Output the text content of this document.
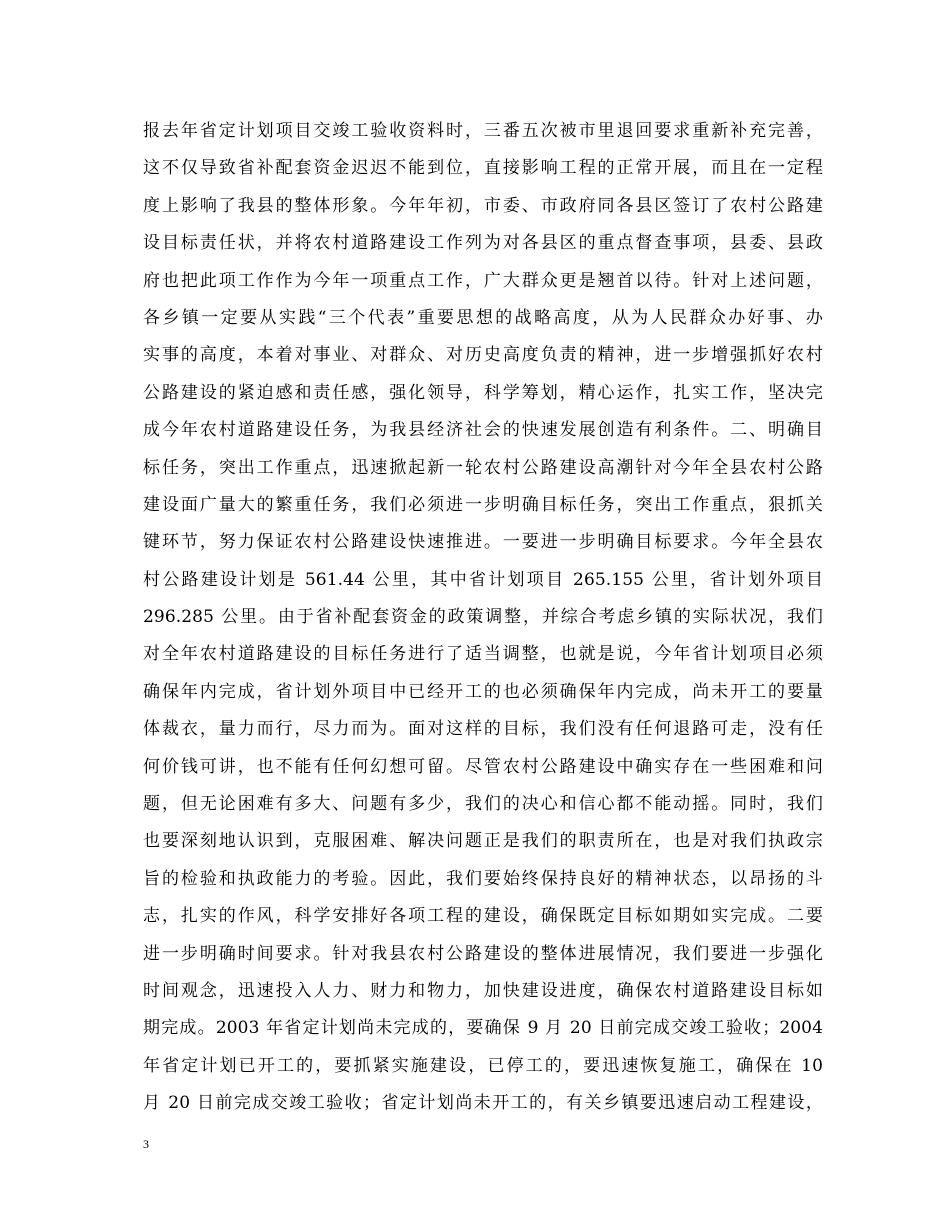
报去年省定计划项目交竣工验收资料时，三番五次被市里退回要求重新补充完善，
这不仅导致省补配套资金迟迟不能到位，直接影响工程的正常开展，而且在一定程
度上影响了我县的整体形象。今年年初，市委、市政府同各县区签订了农村公路建
设目标责任状，并将农村道路建设工作列为对各县区的重点督查事项，县委、县政
府也把此项工作作为今年一项重点工作，广大群众更是翘首以待。针对上述问题，
各乡镇一定要从实践“三个代表”重要思想的战略高度，从为人民群众办好事、办
实事的高度，本着对事业、对群众、对历史高度负责的精神，进一步增强抓好农村
公路建设的紧迫感和责任感，强化领导，科学筹划，精心运作，扎实工作，坚决完
成今年农村道路建设任务，为我县经济社会的快速发展创造有利条件。二、明确目
标任务，突出工作重点，迅速掀起新一轮农村公路建设高潮针对今年全县农村公路
建设面广量大的繁重任务，我们必须进一步明确目标任务，突出工作重点，狠抓关
键环节，努力保证农村公路建设快速推进。一要进一步明确目标要求。今年全县农
村公路建设计划是 561.44 公里，其中省计划项目 265.155 公里，省计划外项目
296.285 公里。由于省补配套资金的政策调整，并综合考虑乡镇的实际状况，我们
对全年农村道路建设的目标任务进行了适当调整，也就是说，今年省计划项目必须
确保年内完成，省计划外项目中已经开工的也必须确保年内完成，尚未开工的要量
体裁衣，量力而行，尽力而为。面对这样的目标，我们没有任何退路可走，没有任
何价钱可讲，也不能有任何幻想可留。尽管农村公路建设中确实存在一些困难和问
题，但无论困难有多大、问题有多少，我们的决心和信心都不能动摇。同时，我们
也要深刻地认识到，克服困难、解决问题正是我们的职责所在，也是对我们执政宗
旨的检验和执政能力的考验。因此，我们要始终保持良好的精神状态，以昂扬的斗
志，扎实的作风，科学安排好各项工程的建设，确保既定目标如期如实完成。二要
进一步明确时间要求。针对我县农村公路建设的整体进展情况，我们要进一步强化
时间观念，迅速投入人力、财力和物力，加快建设进度，确保农村道路建设目标如
期完成。2003 年省定计划尚未完成的，要确保 9 月 20 日前完成交竣工验收；2004
年省定计划已开工的，要抓紧实施建设，已停工的，要迅速恢复施工，确保在 10
月 20 日前完成交竣工验收；省定计划尚未开工的，有关乡镇要迅速启动工程建设，
3
